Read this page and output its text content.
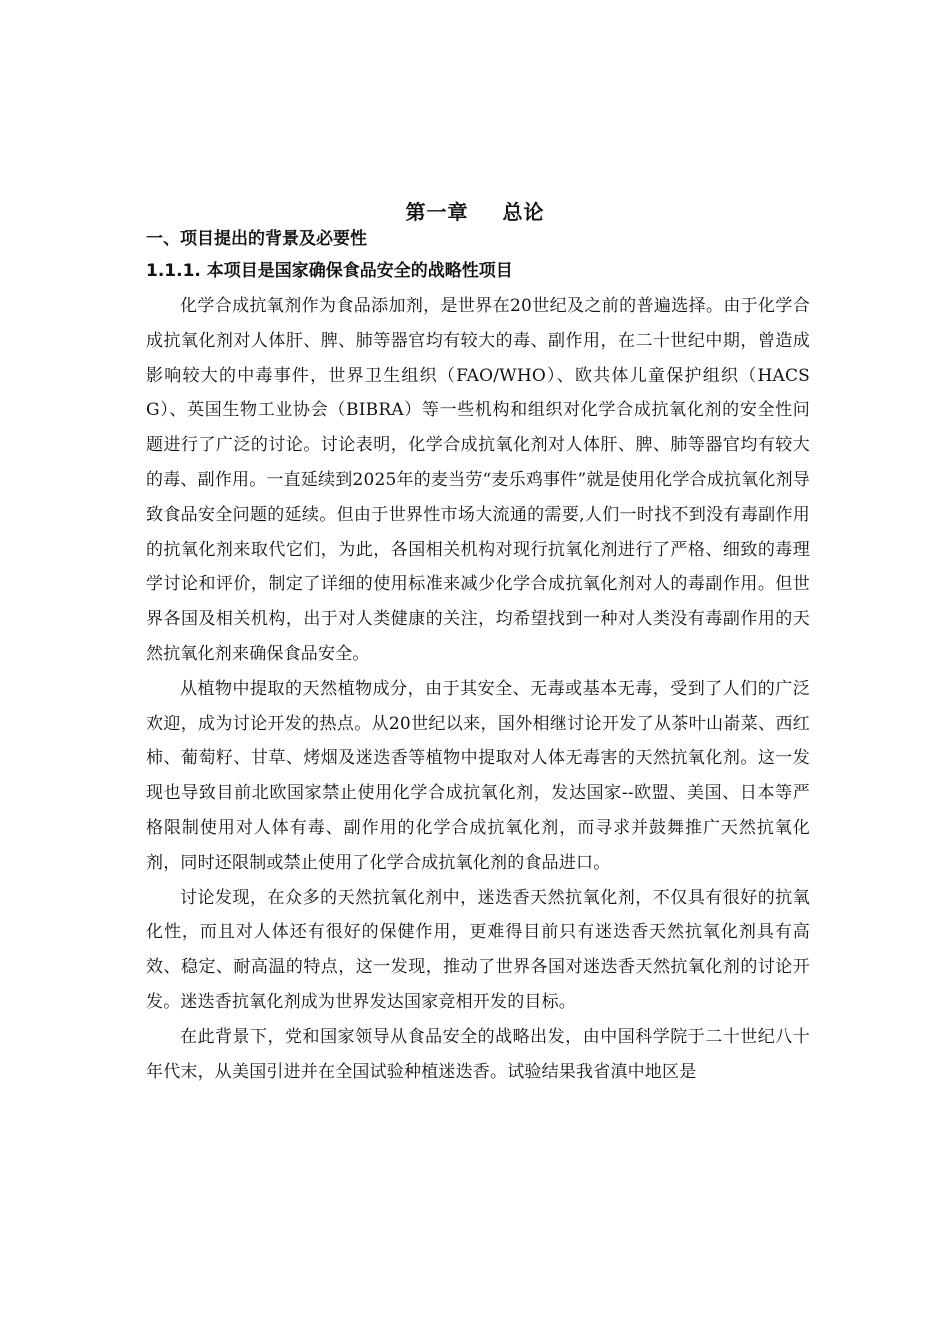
第一章 总论
一、项目提出的背景及必要性
1.1.1. 本项目是国家确保食品安全的战略性项目

化学合成抗氧剂作为食品添加剂，是世界在20世纪及之前的普遍选择。由于化学合成抗氧化剂对人体肝、脾、肺等器官均有较大的毒、副作用，在二十世纪中期，曾造成影响较大的中毒事件，世界卫生组织（FAO/WHO）、欧共体儿童保护组织（HACSG）、英国生物工业协会（BIBRA）等一些机构和组织对化学合成抗氧化剂的安全性问题进行了广泛的讨论。讨论表明，化学合成抗氧化剂对人体肝、脾、肺等器官均有较大的毒、副作用。一直延续到2025年的麦当劳“麦乐鸡事件”就是使用化学合成抗氧化剂导致食品安全问题的延续。但由于世界性市场大流通的需要,人们一时找不到没有毒副作用的抗氧化剂来取代它们，为此，各国相关机构对现行抗氧化剂进行了严格、细致的毒理学讨论和评价，制定了详细的使用标准来减少化学合成抗氧化剂对人的毒副作用。但世界各国及相关机构，出于对人类健康的关注，均希望找到一种对人类没有毒副作用的天然抗氧化剂来确保食品安全。

从植物中提取的天然植物成分，由于其安全、无毒或基本无毒，受到了人们的广泛欢迎，成为讨论开发的热点。从20世纪以来，国外相继讨论开发了从茶叶山嵛菜、西红柿、葡萄籽、甘草、烤烟及迷迭香等植物中提取对人体无毒害的天然抗氧化剂。这一发现也导致目前北欧国家禁止使用化学合成抗氧化剂，发达国家--欧盟、美国、日本等严格限制使用对人体有毒、副作用的化学合成抗氧化剂，而寻求并鼓舞推广天然抗氧化剂，同时还限制或禁止使用了化学合成抗氧化剂的食品进口。

讨论发现，在众多的天然抗氧化剂中，迷迭香天然抗氧化剂，不仅具有很好的抗氧化性，而且对人体还有很好的保健作用，更难得目前只有迷迭香天然抗氧化剂具有高效、稳定、耐高温的特点，这一发现，推动了世界各国对迷迭香天然抗氧化剂的讨论开发。迷迭香抗氧化剂成为世界发达国家竞相开发的目标。

在此背景下，党和国家领导从食品安全的战略出发，由中国科学院于二十世纪八十年代末，从美国引进并在全国试验种植迷迭香。试验结果我省滇中地区是
